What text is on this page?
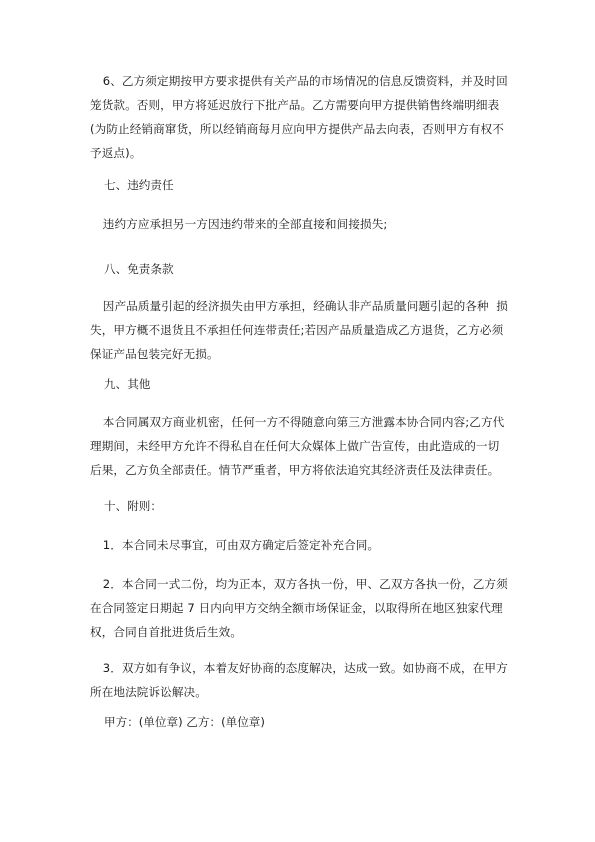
6、乙方须定期按甲方要求提供有关产品的市场情况的信息反馈资料，并及时回笼货款。否则，甲方将延迟放行下批产品。乙方需要向甲方提供销售终端明细表(为防止经销商窜货，所以经销商每月应向甲方提供产品去向表，否则甲方有权不予返点)。

七、违约责任

违约方应承担另一方因违约带来的全部直接和间接损失;

八、免责条款

因产品质量引起的经济损失由甲方承担，经确认非产品质量问题引起的各种  损失，甲方概不退货且不承担任何连带责任;若因产品质量造成乙方退货，乙方必须保证产品包装完好无损。

九、其他

本合同属双方商业机密，任何一方不得随意向第三方泄露本协合同内容;乙方代理期间，未经甲方允许不得私自在任何大众媒体上做广告宣传，由此造成的一切后果，乙方负全部责任。情节严重者，甲方将依法追究其经济责任及法律责任。

十、附则：

1．本合同未尽事宜，可由双方确定后签定补充合同。

2．本合同一式二份，均为正本，双方各执一份，甲、乙双方各执一份，乙方须在合同签定日期起 7 日内向甲方交纳全额市场保证金，以取得所在地区独家代理权，合同自首批进货后生效。

3．双方如有争议，本着友好协商的态度解决，达成一致。如协商不成，在甲方所在地法院诉讼解决。

甲方：(单位章) 乙方：(单位章)
